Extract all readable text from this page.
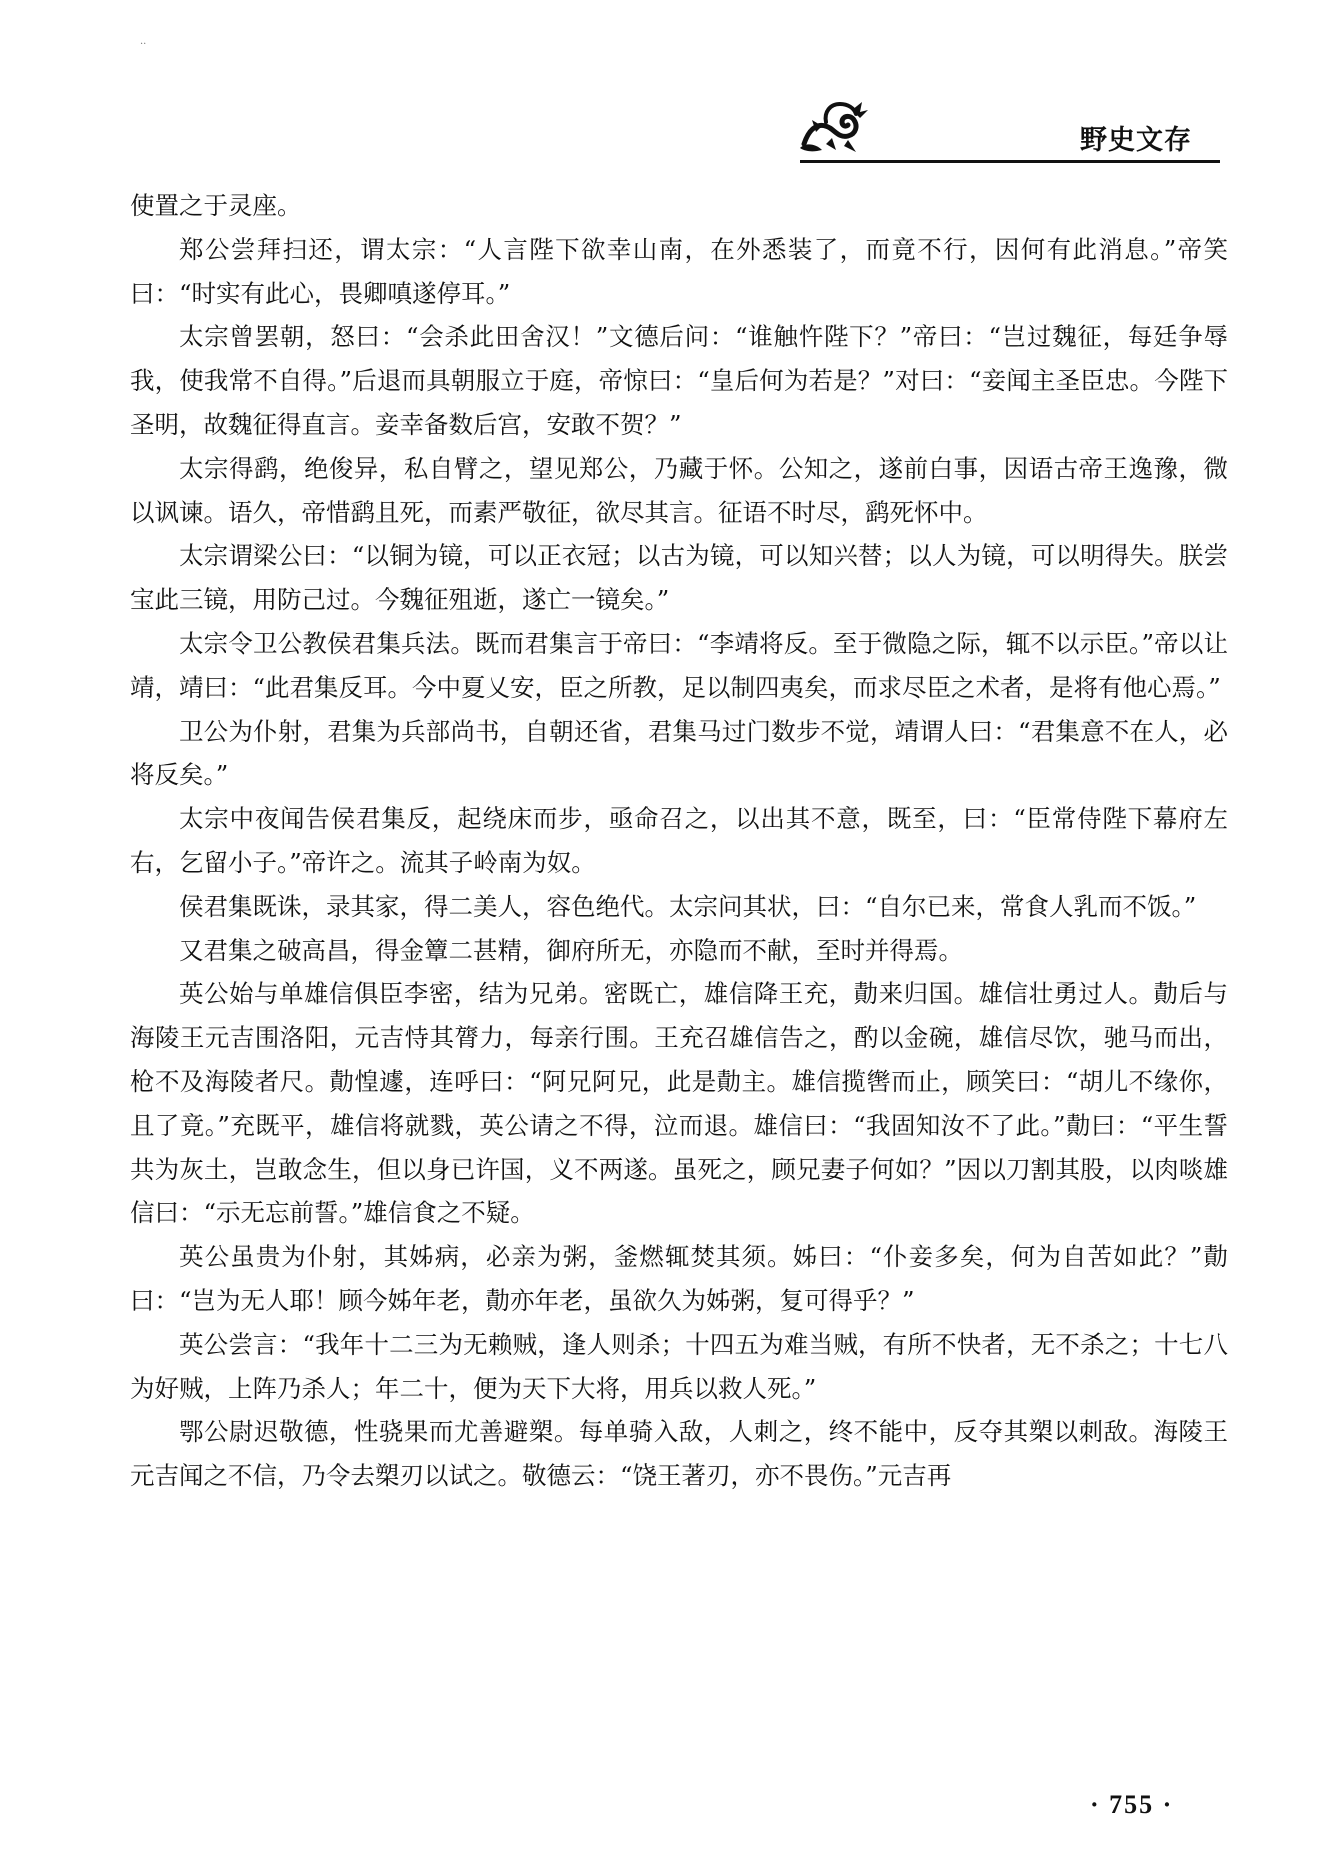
..
野史文存

使置之于灵座。

郑公尝拜扫还，谓太宗：“人言陛下欲幸山南，在外悉装了，而竟不行，因何有此消息。”帝笑曰：“时实有此心，畏卿嗔遂停耳。”

太宗曾罢朝，怒曰：“会杀此田舍汉！”文德后问：“谁触忤陛下？”帝曰：“岂过魏征，每廷争辱我，使我常不自得。”后退而具朝服立于庭，帝惊曰：“皇后何为若是？”对曰：“妾闻主圣臣忠。今陛下圣明，故魏征得直言。妾幸备数后宫，安敢不贺？”

太宗得鹞，绝俊异，私自臂之，望见郑公，乃藏于怀。公知之，遂前白事，因语古帝王逸豫，微以讽谏。语久，帝惜鹞且死，而素严敬征，欲尽其言。征语不时尽，鹞死怀中。

太宗谓梁公曰：“以铜为镜，可以正衣冠；以古为镜，可以知兴替；以人为镜，可以明得失。朕尝宝此三镜，用防己过。今魏征殂逝，遂亡一镜矣。”

太宗令卫公教侯君集兵法。既而君集言于帝曰：“李靖将反。至于微隐之际，辄不以示臣。”帝以让靖，靖曰：“此君集反耳。今中夏乂安，臣之所教，足以制四夷矣，而求尽臣之术者，是将有他心焉。”

卫公为仆射，君集为兵部尚书，自朝还省，君集马过门数步不觉，靖谓人曰：“君集意不在人，必将反矣。”

太宗中夜闻告侯君集反，起绕床而步，亟命召之，以出其不意，既至，曰：“臣常侍陛下幕府左右，乞留小子。”帝许之。流其子岭南为奴。

侯君集既诛，录其家，得二美人，容色绝代。太宗问其状，曰：“自尔已来，常食人乳而不饭。”

又君集之破高昌，得金簟二甚精，御府所无，亦隐而不献，至时并得焉。

英公始与单雄信俱臣李密，结为兄弟。密既亡，雄信降王充，勣来归国。雄信壮勇过人。勣后与海陵王元吉围洛阳，元吉恃其膂力，每亲行围。王充召雄信告之，酌以金碗，雄信尽饮，驰马而出，枪不及海陵者尺。勣惶遽，连呼曰：“阿兄阿兄，此是勣主。雄信揽辔而止，顾笑曰：“胡儿不缘你，且了竟。”充既平，雄信将就戮，英公请之不得，泣而退。雄信曰：“我固知汝不了此。”勣曰：“平生誓共为灰土，岂敢念生，但以身已许国，义不两遂。虽死之，顾兄妻子何如？”因以刀割其股，以肉啖雄信曰：“示无忘前誓。”雄信食之不疑。

英公虽贵为仆射，其姊病，必亲为粥，釜燃辄焚其须。姊曰：“仆妾多矣，何为自苦如此？”勣曰：“岂为无人耶！顾今姊年老，勣亦年老，虽欲久为姊粥，复可得乎？”

英公尝言：“我年十二三为无赖贼，逢人则杀；十四五为难当贼，有所不快者，无不杀之；十七八为好贼，上阵乃杀人；年二十，便为天下大将，用兵以救人死。”

鄂公尉迟敬德，性骁果而尤善避槊。每单骑入敌，人刺之，终不能中，反夺其槊以刺敌。海陵王元吉闻之不信，乃令去槊刃以试之。敬德云：“饶王著刃，亦不畏伤。”元吉再

· 755 ·
